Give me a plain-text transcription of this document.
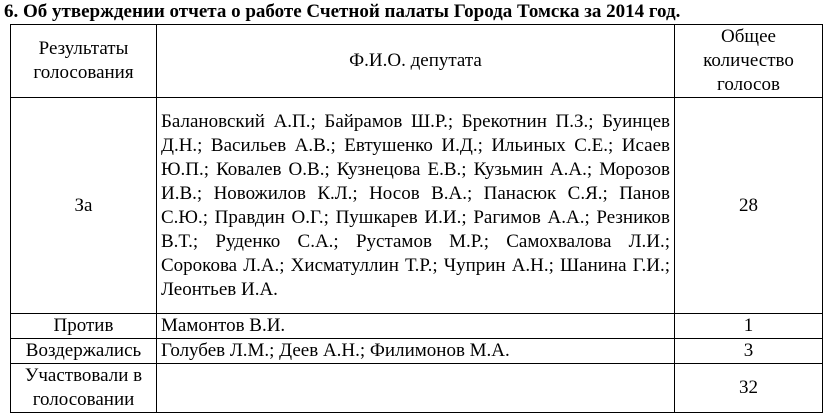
6. Об утверждении отчета о работе Счетной палаты Города Томска за 2014 год.
Результаты голосования	Ф.И.О. депутата	Общее количество голосов
За	Балановский А.П.; Байрамов Ш.Р.; Брекотнин П.З.; Буинцев Д.Н.; Васильев А.В.; Евтушенко И.Д.; Ильиных С.Е.; Исаев Ю.П.; Ковалев О.В.; Кузнецова Е.В.; Кузьмин А.А.; Морозов И.В.; Новожилов К.Л.; Носов В.А.; Панасюк С.Я.; Панов С.Ю.; Правдин О.Г.; Пушкарев И.И.; Рагимов А.А.; Резников В.Т.; Руденко С.А.; Рустамов М.Р.; Самохвалова Л.И.; Сорокова Л.А.; Хисматуллин Т.Р.; Чуприн А.Н.; Шанина Г.И.; Леонтьев И.А.	28
Против	Мамонтов В.И.	1
Воздержались	Голубев Л.М.; Деев А.Н.; Филимонов М.А.	3
Участвовали в голосовании		32
